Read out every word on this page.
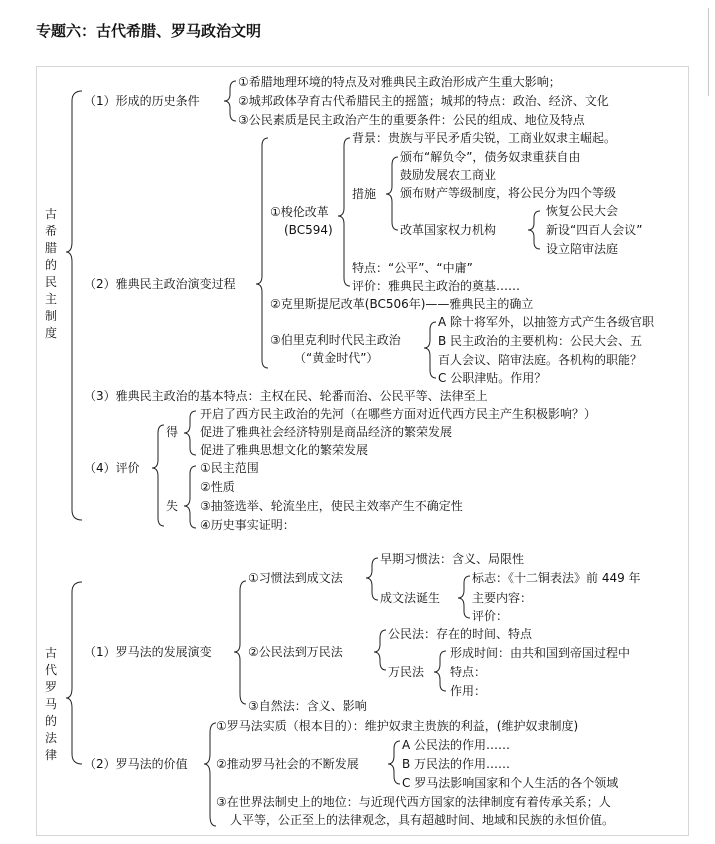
专题六：古代希腊、罗马政治文明
古希腊的民主制度
（1）形成的历史条件
①希腊地理环境的特点及对雅典民主政治形成产生重大影响；
②城邦政体孕育古代希腊民主的摇篮；城邦的特点：政治、经济、文化
③公民素质是民主政治产生的重要条件：公民的组成、地位及特点
（2）雅典民主政治演变过程
背景：贵族与平民矛盾尖锐，工商业奴隶主崛起。
措施
颁布“解负令”，债务奴隶重获自由
鼓励发展农工商业
颁布财产等级制度，将公民分为四个等级
改革国家权力机构
恢复公民大会
新设“四百人会议”
设立陪审法庭
①梭伦改革
(BC594)
特点：“公平”、“中庸”
评价：雅典民主政治的奠基……
②克里斯提尼改革(BC506年)——雅典民主的确立
③伯里克利时代民主政治
（“黄金时代”）
A 除十将军外，以抽签方式产生各级官职
B 民主政治的主要机构：公民大会、五
百人会议、陪审法庭。各机构的职能？
C 公职津贴。作用？
（3）雅典民主政治的基本特点：主权在民、轮番而治、公民平等、法律至上
（4）评价
得
开启了西方民主政治的先河（在哪些方面对近代西方民主产生积极影响？）
促进了雅典社会经济特别是商品经济的繁荣发展
促进了雅典思想文化的繁荣发展
失
①民主范围
②性质
③抽签选举、轮流坐庄，使民主效率产生不确定性
④历史事实证明：
古代罗马的法律
（1）罗马法的发展演变
①习惯法到成文法
早期习惯法：含义、局限性
成文法诞生
标志：《十二铜表法》前 449 年
主要内容：
评价：
②公民法到万民法
公民法：存在的时间、特点
万民法
形成时间：由共和国到帝国过程中
特点：
作用：
③自然法：含义、影响
（2）罗马法的价值
①罗马法实质（根本目的）：维护奴隶主贵族的利益，(维护奴隶制度)
②推动罗马社会的不断发展
A 公民法的作用……
B 万民法的作用……
C 罗马法影响国家和个人生活的各个领域
③在世界法制史上的地位：与近现代西方国家的法律制度有着传承关系；人
人平等，公正至上的法律观念，具有超越时间、地域和民族的永恒价值。
